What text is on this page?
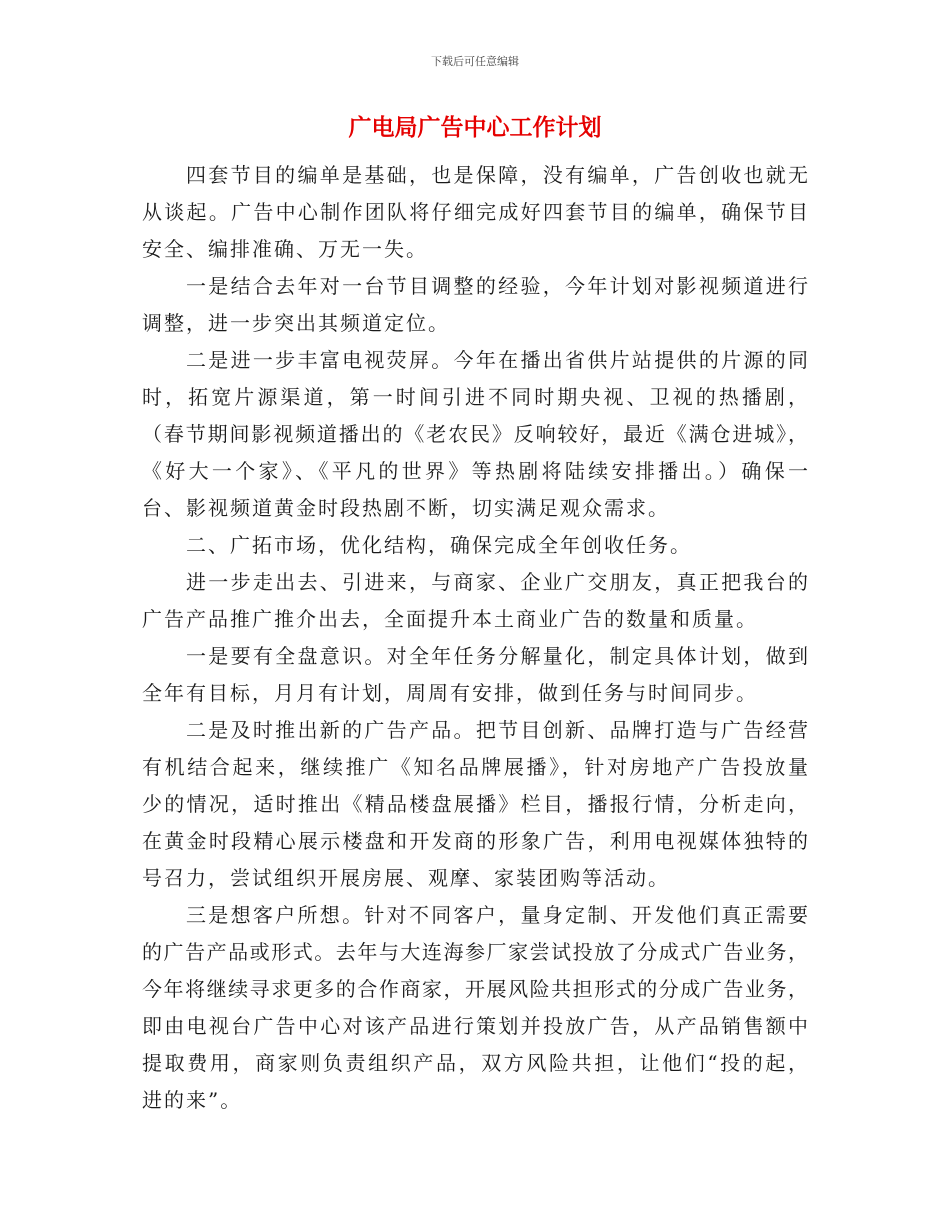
下载后可任意编辑
广电局广告中心工作计划
四套节目的编单是基础，也是保障，没有编单，广告创收也就无
从谈起。广告中心制作团队将仔细完成好四套节目的编单，确保节目
安全、编排准确、万无一失。
一是结合去年对一台节目调整的经验，今年计划对影视频道进行
调整，进一步突出其频道定位。
二是进一步丰富电视荧屏。今年在播出省供片站提供的片源的同
时，拓宽片源渠道，第一时间引进不同时期央视、卫视的热播剧，
（春节期间影视频道播出的《老农民》反响较好，最近《满仓进城》，
《好大一个家》、《平凡的世界》等热剧将陆续安排播出。）确保一
台、影视频道黄金时段热剧不断，切实满足观众需求。
二、广拓市场，优化结构，确保完成全年创收任务。
进一步走出去、引进来，与商家、企业广交朋友，真正把我台的
广告产品推广推介出去，全面提升本土商业广告的数量和质量。
一是要有全盘意识。对全年任务分解量化，制定具体计划，做到
全年有目标，月月有计划，周周有安排，做到任务与时间同步。
二是及时推出新的广告产品。把节目创新、品牌打造与广告经营
有机结合起来，继续推广《知名品牌展播》，针对房地产广告投放量
少的情况，适时推出《精品楼盘展播》栏目，播报行情，分析走向，
在黄金时段精心展示楼盘和开发商的形象广告，利用电视媒体独特的
号召力，尝试组织开展房展、观摩、家装团购等活动。
三是想客户所想。针对不同客户，量身定制、开发他们真正需要
的广告产品或形式。去年与大连海参厂家尝试投放了分成式广告业务，
今年将继续寻求更多的合作商家，开展风险共担形式的分成广告业务，
即由电视台广告中心对该产品进行策划并投放广告，从产品销售额中
提取费用，商家则负责组织产品，双方风险共担，让他们“投的起，
进的来”。
